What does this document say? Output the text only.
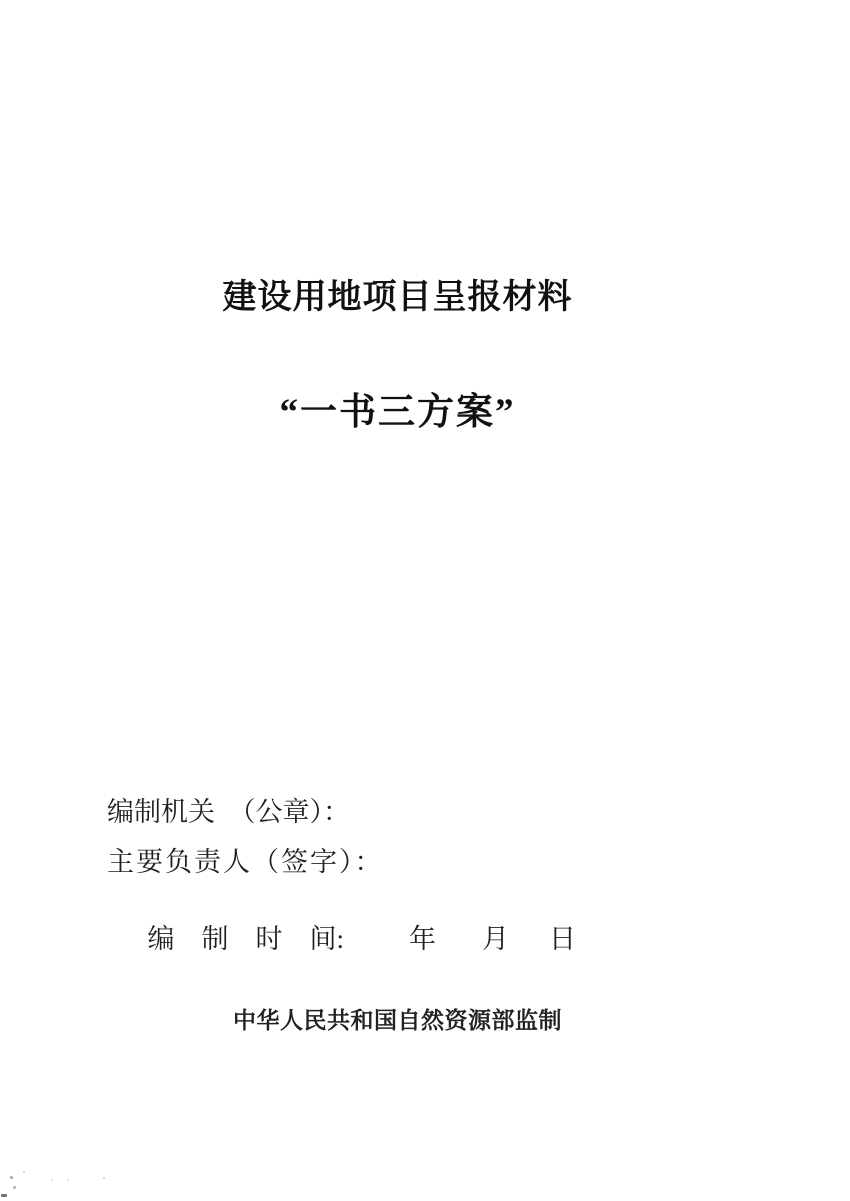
建设用地项目呈报材料
“一书三方案”
编制机关　（公章）：
主要负责人（签字）：

编　制　时　间: 年 月 日

中华人民共和国自然资源部监制
